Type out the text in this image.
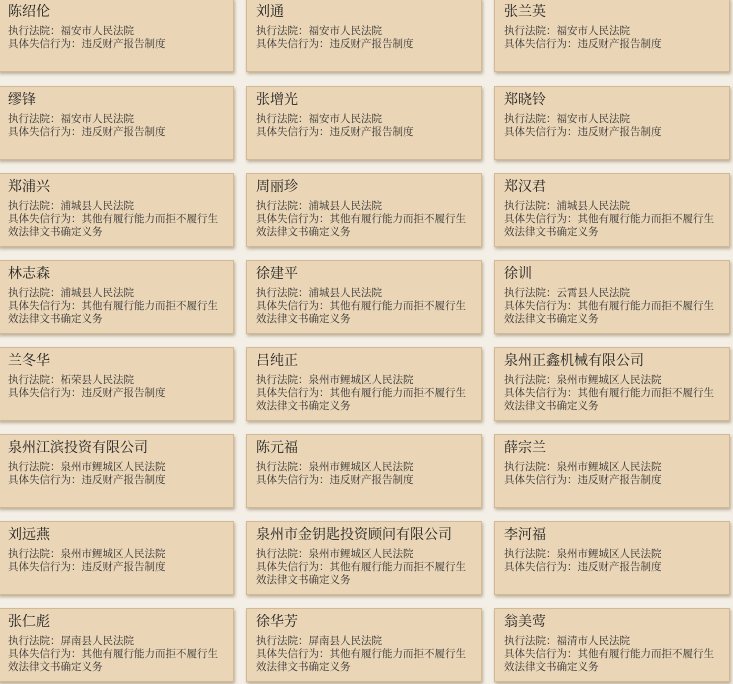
陈绍伦
执行法院：福安市人民法院
具体失信行为：违反财产报告制度
刘通
执行法院：福安市人民法院
具体失信行为：违反财产报告制度
张兰英
执行法院：福安市人民法院
具体失信行为：违反财产报告制度
缪锋
执行法院：福安市人民法院
具体失信行为：违反财产报告制度
张增光
执行法院：福安市人民法院
具体失信行为：违反财产报告制度
郑晓铃
执行法院：福安市人民法院
具体失信行为：违反财产报告制度
郑浦兴
执行法院：浦城县人民法院
具体失信行为：其他有履行能力而拒不履行生效法律文书确定义务
周丽珍
执行法院：浦城县人民法院
具体失信行为：其他有履行能力而拒不履行生效法律文书确定义务
郑汉君
执行法院：浦城县人民法院
具体失信行为：其他有履行能力而拒不履行生效法律文书确定义务
林志森
执行法院：浦城县人民法院
具体失信行为：其他有履行能力而拒不履行生效法律文书确定义务
徐建平
执行法院：浦城县人民法院
具体失信行为：其他有履行能力而拒不履行生效法律文书确定义务
徐训
执行法院：云霄县人民法院
具体失信行为：其他有履行能力而拒不履行生效法律文书确定义务
兰冬华
执行法院：柘荣县人民法院
具体失信行为：违反财产报告制度
吕纯正
执行法院：泉州市鲤城区人民法院
具体失信行为：其他有履行能力而拒不履行生效法律文书确定义务
泉州正鑫机械有限公司
执行法院：泉州市鲤城区人民法院
具体失信行为：其他有履行能力而拒不履行生效法律文书确定义务
泉州江滨投资有限公司
执行法院：泉州市鲤城区人民法院
具体失信行为：违反财产报告制度
陈元福
执行法院：泉州市鲤城区人民法院
具体失信行为：违反财产报告制度
薛宗兰
执行法院：泉州市鲤城区人民法院
具体失信行为：违反财产报告制度
刘远燕
执行法院：泉州市鲤城区人民法院
具体失信行为：违反财产报告制度
泉州市金钥匙投资顾问有限公司
执行法院：泉州市鲤城区人民法院
具体失信行为：其他有履行能力而拒不履行生效法律文书确定义务
李河福
执行法院：泉州市鲤城区人民法院
具体失信行为：违反财产报告制度
张仁彪
执行法院：屏南县人民法院
具体失信行为：其他有履行能力而拒不履行生效法律文书确定义务
徐华芳
执行法院：屏南县人民法院
具体失信行为：其他有履行能力而拒不履行生效法律文书确定义务
翁美莺
执行法院：福清市人民法院
具体失信行为：其他有履行能力而拒不履行生效法律文书确定义务
